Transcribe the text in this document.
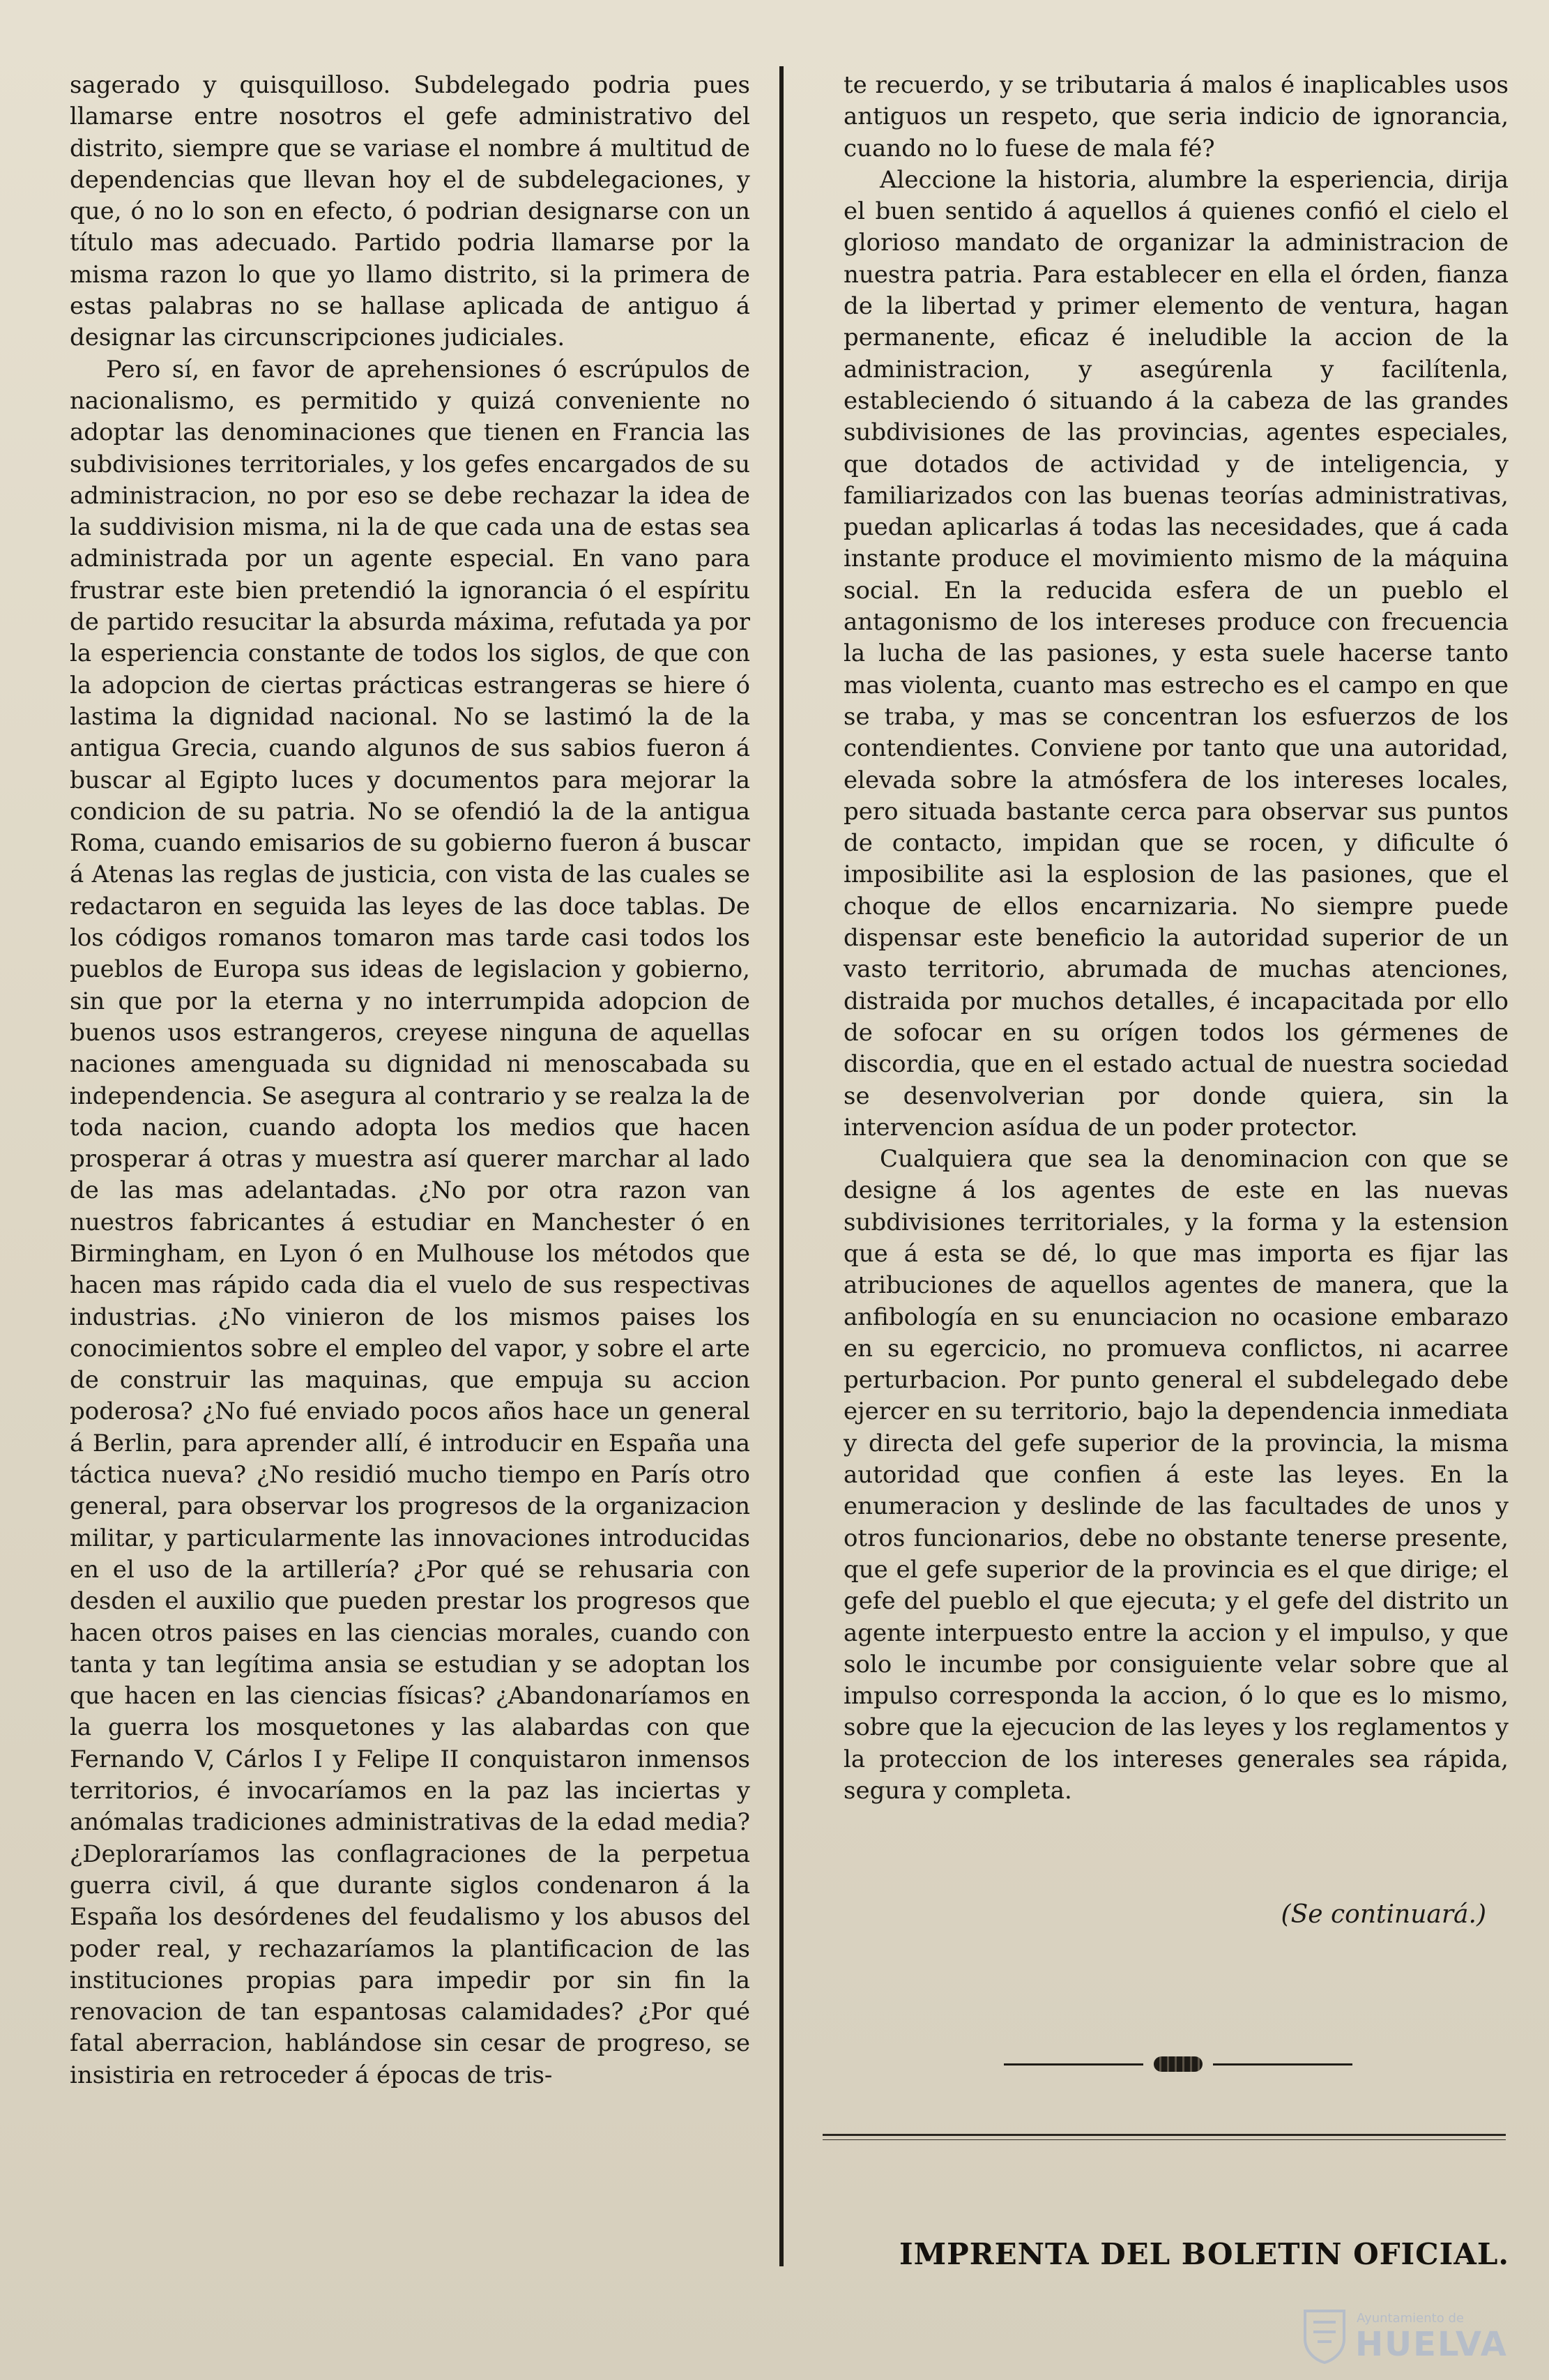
sagerado y quisquilloso. Subdelegado podria pues llamarse entre nosotros el gefe administrativo del distrito, siempre que se variase el nombre á multitud de dependencias que llevan hoy el de subdelegaciones, y que, ó no lo son en efecto, ó podrian designarse con un título mas adecuado. Partido podria llamarse por la misma razon lo que yo llamo distrito, si la primera de estas palabras no se hallase aplicada de antiguo á designar las circunscripciones judiciales.

Pero sí, en favor de aprehensiones ó escrúpulos de nacionalismo, es permitido y quizá conveniente no adoptar las denominaciones que tienen en Francia las subdivisiones territoriales, y los gefes encargados de su administracion, no por eso se debe rechazar la idea de la suddivision misma, ni la de que cada una de estas sea administrada por un agente especial. En vano para frustrar este bien pretendió la ignorancia ó el espíritu de partido resucitar la absurda máxima, refutada ya por la esperiencia constante de todos los siglos, de que con la adopcion de ciertas prácticas estrangeras se hiere ó lastima la dignidad nacional. No se lastimó la de la antigua Grecia, cuando algunos de sus sabios fueron á buscar al Egipto luces y documentos para mejorar la condicion de su patria. No se ofendió la de la antigua Roma, cuando emisarios de su gobierno fueron á buscar á Atenas las reglas de justicia, con vista de las cuales se redactaron en seguida las leyes de las doce tablas. De los códigos romanos tomaron mas tarde casi todos los pueblos de Europa sus ideas de legislacion y gobierno, sin que por la eterna y no interrumpida adopcion de buenos usos estrangeros, creyese ninguna de aquellas naciones amenguada su dignidad ni menoscabada su independencia. Se asegura al contrario y se realza la de toda nacion, cuando adopta los medios que hacen prosperar á otras y muestra así querer marchar al lado de las mas adelantadas. ¿No por otra razon van nuestros fabricantes á estudiar en Manchester ó en Birmingham, en Lyon ó en Mulhouse los métodos que hacen mas rápido cada dia el vuelo de sus respectivas industrias. ¿No vinieron de los mismos paises los conocimientos sobre el empleo del vapor, y sobre el arte de construir las maquinas, que empuja su accion poderosa? ¿No fué enviado pocos años hace un general á Berlin, para aprender allí, é introducir en España una táctica nueva? ¿No residió mucho tiempo en París otro general, para observar los progresos de la organizacion militar, y particularmente las innovaciones introducidas en el uso de la artillería? ¿Por qué se rehusaria con desden el auxilio que pueden prestar los progresos que hacen otros paises en las ciencias morales, cuando con tanta y tan legítima ansia se estudian y se adoptan los que hacen en las ciencias físicas? ¿Abandonaríamos en la guerra los mosquetones y las alabardas con que Fernando V, Cárlos I y Felipe II conquistaron inmensos territorios, é invocaríamos en la paz las inciertas y anómalas tradiciones administrativas de la edad media? ¿Deploraríamos las conflagraciones de la perpetua guerra civil, á que durante siglos condenaron á la España los desórdenes del feudalismo y los abusos del poder real, y rechazaríamos la plantificacion de las instituciones propias para impedir por sin fin la renovacion de tan espantosas calamidades? ¿Por qué fatal aberracion, hablándose sin cesar de progreso, se insistiria en retroceder á épocas de tris-

te recuerdo, y se tributaria á malos é inaplicables usos antiguos un respeto, que seria indicio de ignorancia, cuando no lo fuese de mala fé?

Aleccione la historia, alumbre la esperiencia, dirija el buen sentido á aquellos á quienes confió el cielo el glorioso mandato de organizar la administracion de nuestra patria. Para establecer en ella el órden, fianza de la libertad y primer elemento de ventura, hagan permanente, eficaz é ineludible la accion de la administracion, y asegúrenla y facilítenla, estableciendo ó situando á la cabeza de las grandes subdivisiones de las provincias, agentes especiales, que dotados de actividad y de inteligencia, y familiarizados con las buenas teorías administrativas, puedan aplicarlas á todas las necesidades, que á cada instante produce el movimiento mismo de la máquina social. En la reducida esfera de un pueblo el antagonismo de los intereses produce con frecuencia la lucha de las pasiones, y esta suele hacerse tanto mas violenta, cuanto mas estrecho es el campo en que se traba, y mas se concentran los esfuerzos de los contendientes. Conviene por tanto que una autoridad, elevada sobre la atmósfera de los intereses locales, pero situada bastante cerca para observar sus puntos de contacto, impidan que se rocen, y dificulte ó imposibilite asi la esplosion de las pasiones, que el choque de ellos encarnizaria. No siempre puede dispensar este beneficio la autoridad superior de un vasto territorio, abrumada de muchas atenciones, distraida por muchos detalles, é incapacitada por ello de sofocar en su orígen todos los gérmenes de discordia, que en el estado actual de nuestra sociedad se desenvolverian por donde quiera, sin la intervencion asídua de un poder protector.

Cualquiera que sea la denominacion con que se designe á los agentes de este en las nuevas subdivisiones territoriales, y la forma y la estension que á esta se dé, lo que mas importa es fijar las atribuciones de aquellos agentes de manera, que la anfibología en su enunciacion no ocasione embarazo en su egercicio, no promueva conflictos, ni acarree perturbacion. Por punto general el subdelegado debe ejercer en su territorio, bajo la dependencia inmediata y directa del gefe superior de la provincia, la misma autoridad que confien á este las leyes. En la enumeracion y deslinde de las facultades de unos y otros funcionarios, debe no obstante tenerse presente, que el gefe superior de la provincia es el que dirige; el gefe del pueblo el que ejecuta; y el gefe del distrito un agente interpuesto entre la accion y el impulso, y que solo le incumbe por consiguiente velar sobre que al impulso corresponda la accion, ó lo que es lo mismo, sobre que la ejecucion de las leyes y los reglamentos y la proteccion de los intereses generales sea rápida, segura y completa.

(Se continuará.)
IMPRENTA DEL BOLETIN OFICIAL.
Ayuntamiento de
HUELVA
